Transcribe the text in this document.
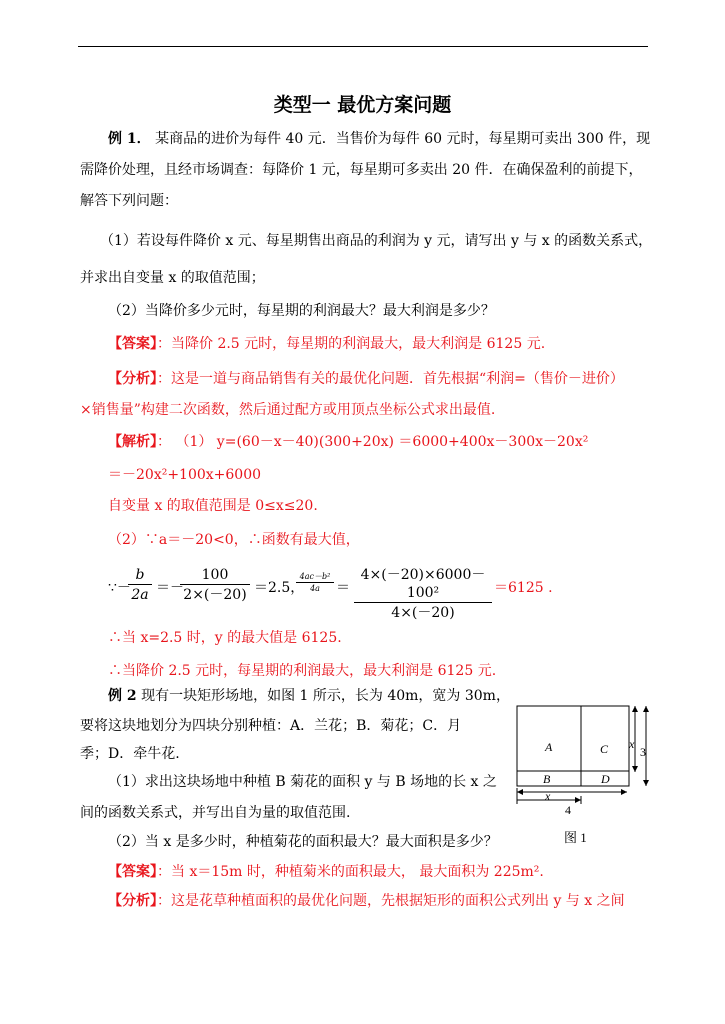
类型一 最优方案问题
例 1． 某商品的进价为每件 40 元．当售价为每件 60 元时，每星期可卖出 300 件，现
需降价处理，且经市场调查：每降价 1 元，每星期可多卖出 20 件．在确保盈利的前提下，
解答下列问题：
（1）若设每件降价 x 元、每星期售出商品的利润为 y 元，请写出 y 与 x 的函数关系式，
并求出自变量 x 的取值范围；
（2）当降价多少元时，每星期的利润最大？最大利润是多少？
【答案】：当降价 2.5 元时，每星期的利润最大，最大利润是 6125 元.
【分析】：这是一道与商品销售有关的最优化问题．首先根据“利润=（售价－进价）
×销售量”构建二次函数，然后通过配方或用顶点坐标公式求出最值.
【解析】： （1） y=(60－x－40)(300+20x) ＝6000+400x－300x－20x²
＝－20x²+100x+6000
自变量 x 的取值范围是 0≤x≤20.
（2）∵a＝－20<0，∴函数有最大值，
∵－
$\frac{b}{2a}$ ＝－
$\frac{100}{2\times(-20)} =2.5$，
$\frac{\text{4ac－b²}}{4a} = \frac{\text{4×(－20)×6000－100²}}{4\times(-20)} =6125$ .
∴当 x=2.5 时，y 的最大值是 6125.
∴当降价 2.5 元时，每星期的利润最大，最大利润是 6125 元.
例 2 现有一块矩形场地，如图 1 所示，长为 40m，宽为 30m，
要将这块地划分为四块分别种植：A．兰花；B．菊花；C．月
季；D．牵牛花.
（1）求出这块场地中种植 B 菊花的面积 y 与 B 场地的长 x 之
间的函数关系式，并写出自为量的取值范围.
（2）当 x 是多少时，种植菊花的面积最大？最大面积是多少？
【答案】：当 x＝15m 时，种植菊米的面积最大， 最大面积为 225m².
【分析】：这是花草种植面积的最优化问题，先根据矩形的面积公式列出 y 与 x 之间
A	C
B	D
x
4
x
3
图 1
